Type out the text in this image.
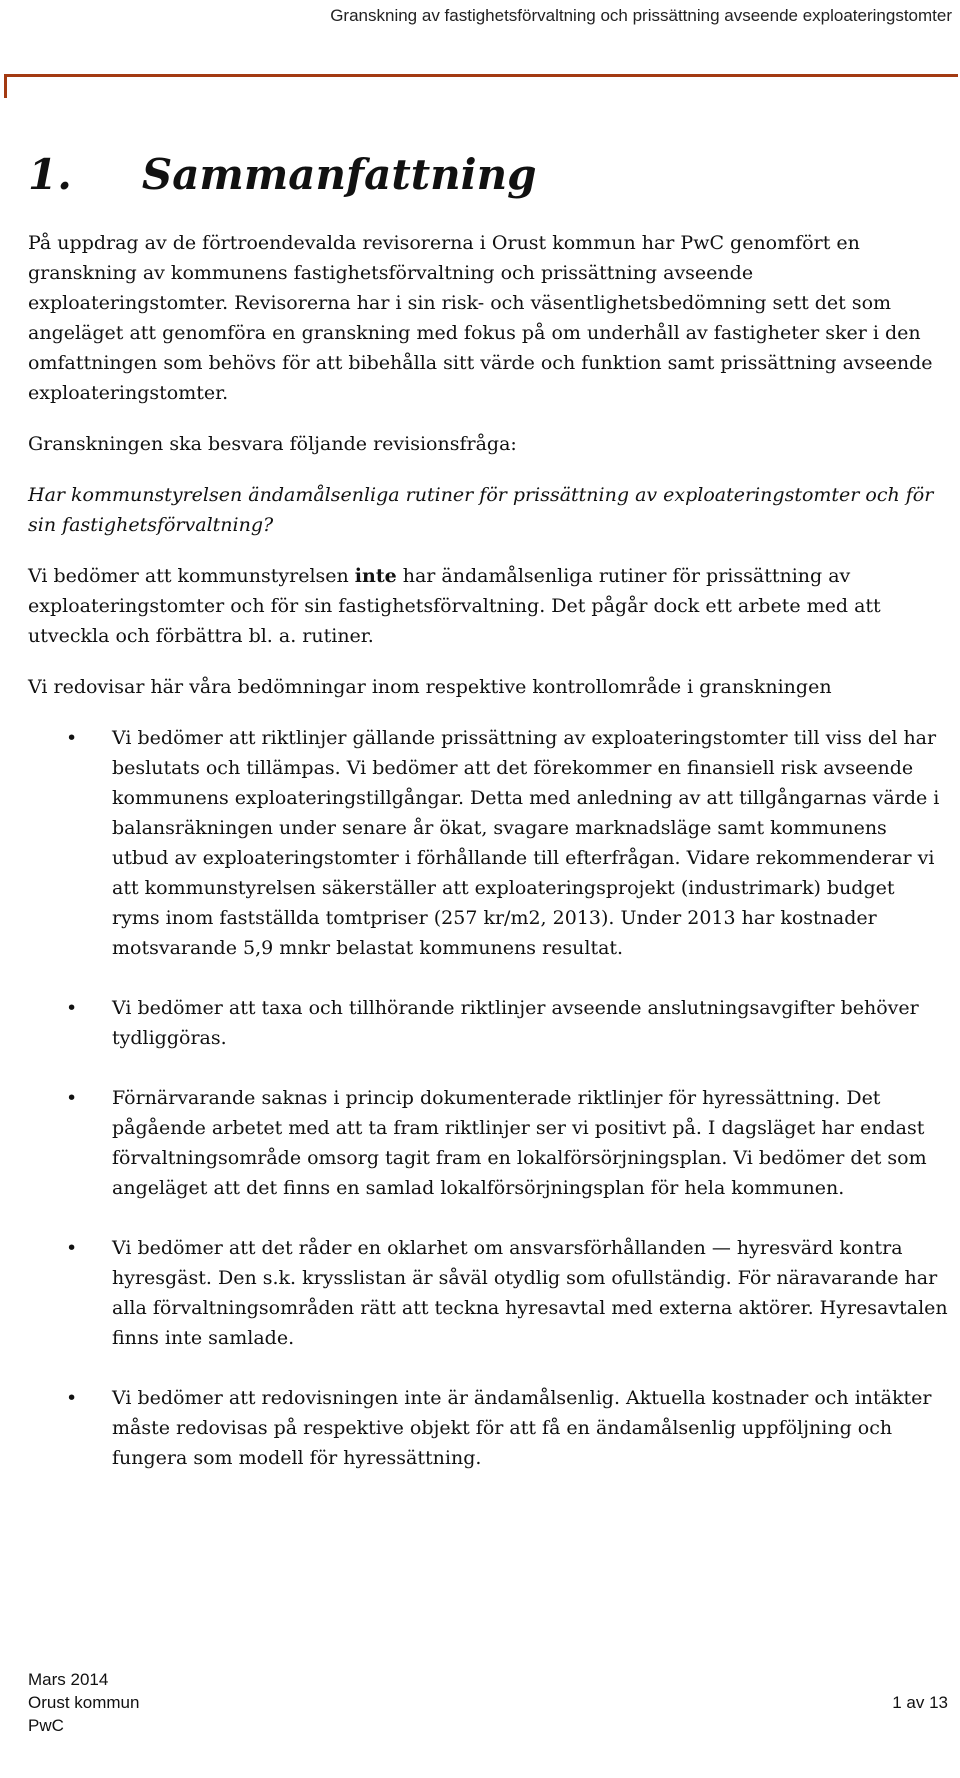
Granskning av fastighetsförvaltning och prissättning avseende exploateringstomter
1. Sammanfattning

På uppdrag av de förtroendevalda revisorerna i Orust kommun har PwC genomfört en granskning av kommunens fastighetsförvaltning och prissättning avseende exploateringstomter. Revisorerna har i sin risk- och väsentlighetsbedömning sett det som angeläget att genomföra en granskning med fokus på om underhåll av fastigheter sker i den omfattningen som behövs för att bibehålla sitt värde och funktion samt prissättning avseende exploateringstomter.

Granskningen ska besvara följande revisionsfråga:

Har kommunstyrelsen ändamålsenliga rutiner för prissättning av exploateringstomter och för sin fastighetsförvaltning?

Vi bedömer att kommunstyrelsen inte har ändamålsenliga rutiner för prissättning av exploateringstomter och för sin fastighetsförvaltning. Det pågår dock ett arbete med att utveckla och förbättra bl. a. rutiner.

Vi redovisar här våra bedömningar inom respektive kontrollområde i granskningen

• Vi bedömer att riktlinjer gällande prissättning av exploateringstomter till viss del har beslutats och tillämpas. Vi bedömer att det förekommer en finansiell risk avseende kommunens exploateringstillgångar. Detta med anledning av att tillgångarnas värde i balansräkningen under senare år ökat, svagare marknadsläge samt kommunens utbud av exploateringstomter i förhållande till efterfrågan. Vidare rekommenderar vi att kommunstyrelsen säkerställer att exploateringsprojekt (industrimark) budget ryms inom fastställda tomtpriser (257 kr/m2, 2013). Under 2013 har kostnader motsvarande 5,9 mnkr belastat kommunens resultat.
• Vi bedömer att taxa och tillhörande riktlinjer avseende anslutningsavgifter behöver tydliggöras.
• Förnärvarande saknas i princip dokumenterade riktlinjer för hyressättning. Det pågående arbetet med att ta fram riktlinjer ser vi positivt på. I dagsläget har endast förvaltningsområde omsorg tagit fram en lokalförsörjningsplan. Vi bedömer det som angeläget att det finns en samlad lokalförsörjningsplan för hela kommunen.
• Vi bedömer att det råder en oklarhet om ansvarsförhållanden — hyresvärd kontra hyresgäst. Den s.k. krysslistan är såväl otydlig som ofullständig. För näravarande har alla förvaltningsområden rätt att teckna hyresavtal med externa aktörer. Hyresavtalen finns inte samlade.
• Vi bedömer att redovisningen inte är ändamålsenlig. Aktuella kostnader och intäkter måste redovisas på respektive objekt för att få en ändamålsenlig uppföljning och fungera som modell för hyressättning.
Mars 2014
Orust kommun
PwC
1 av 13
